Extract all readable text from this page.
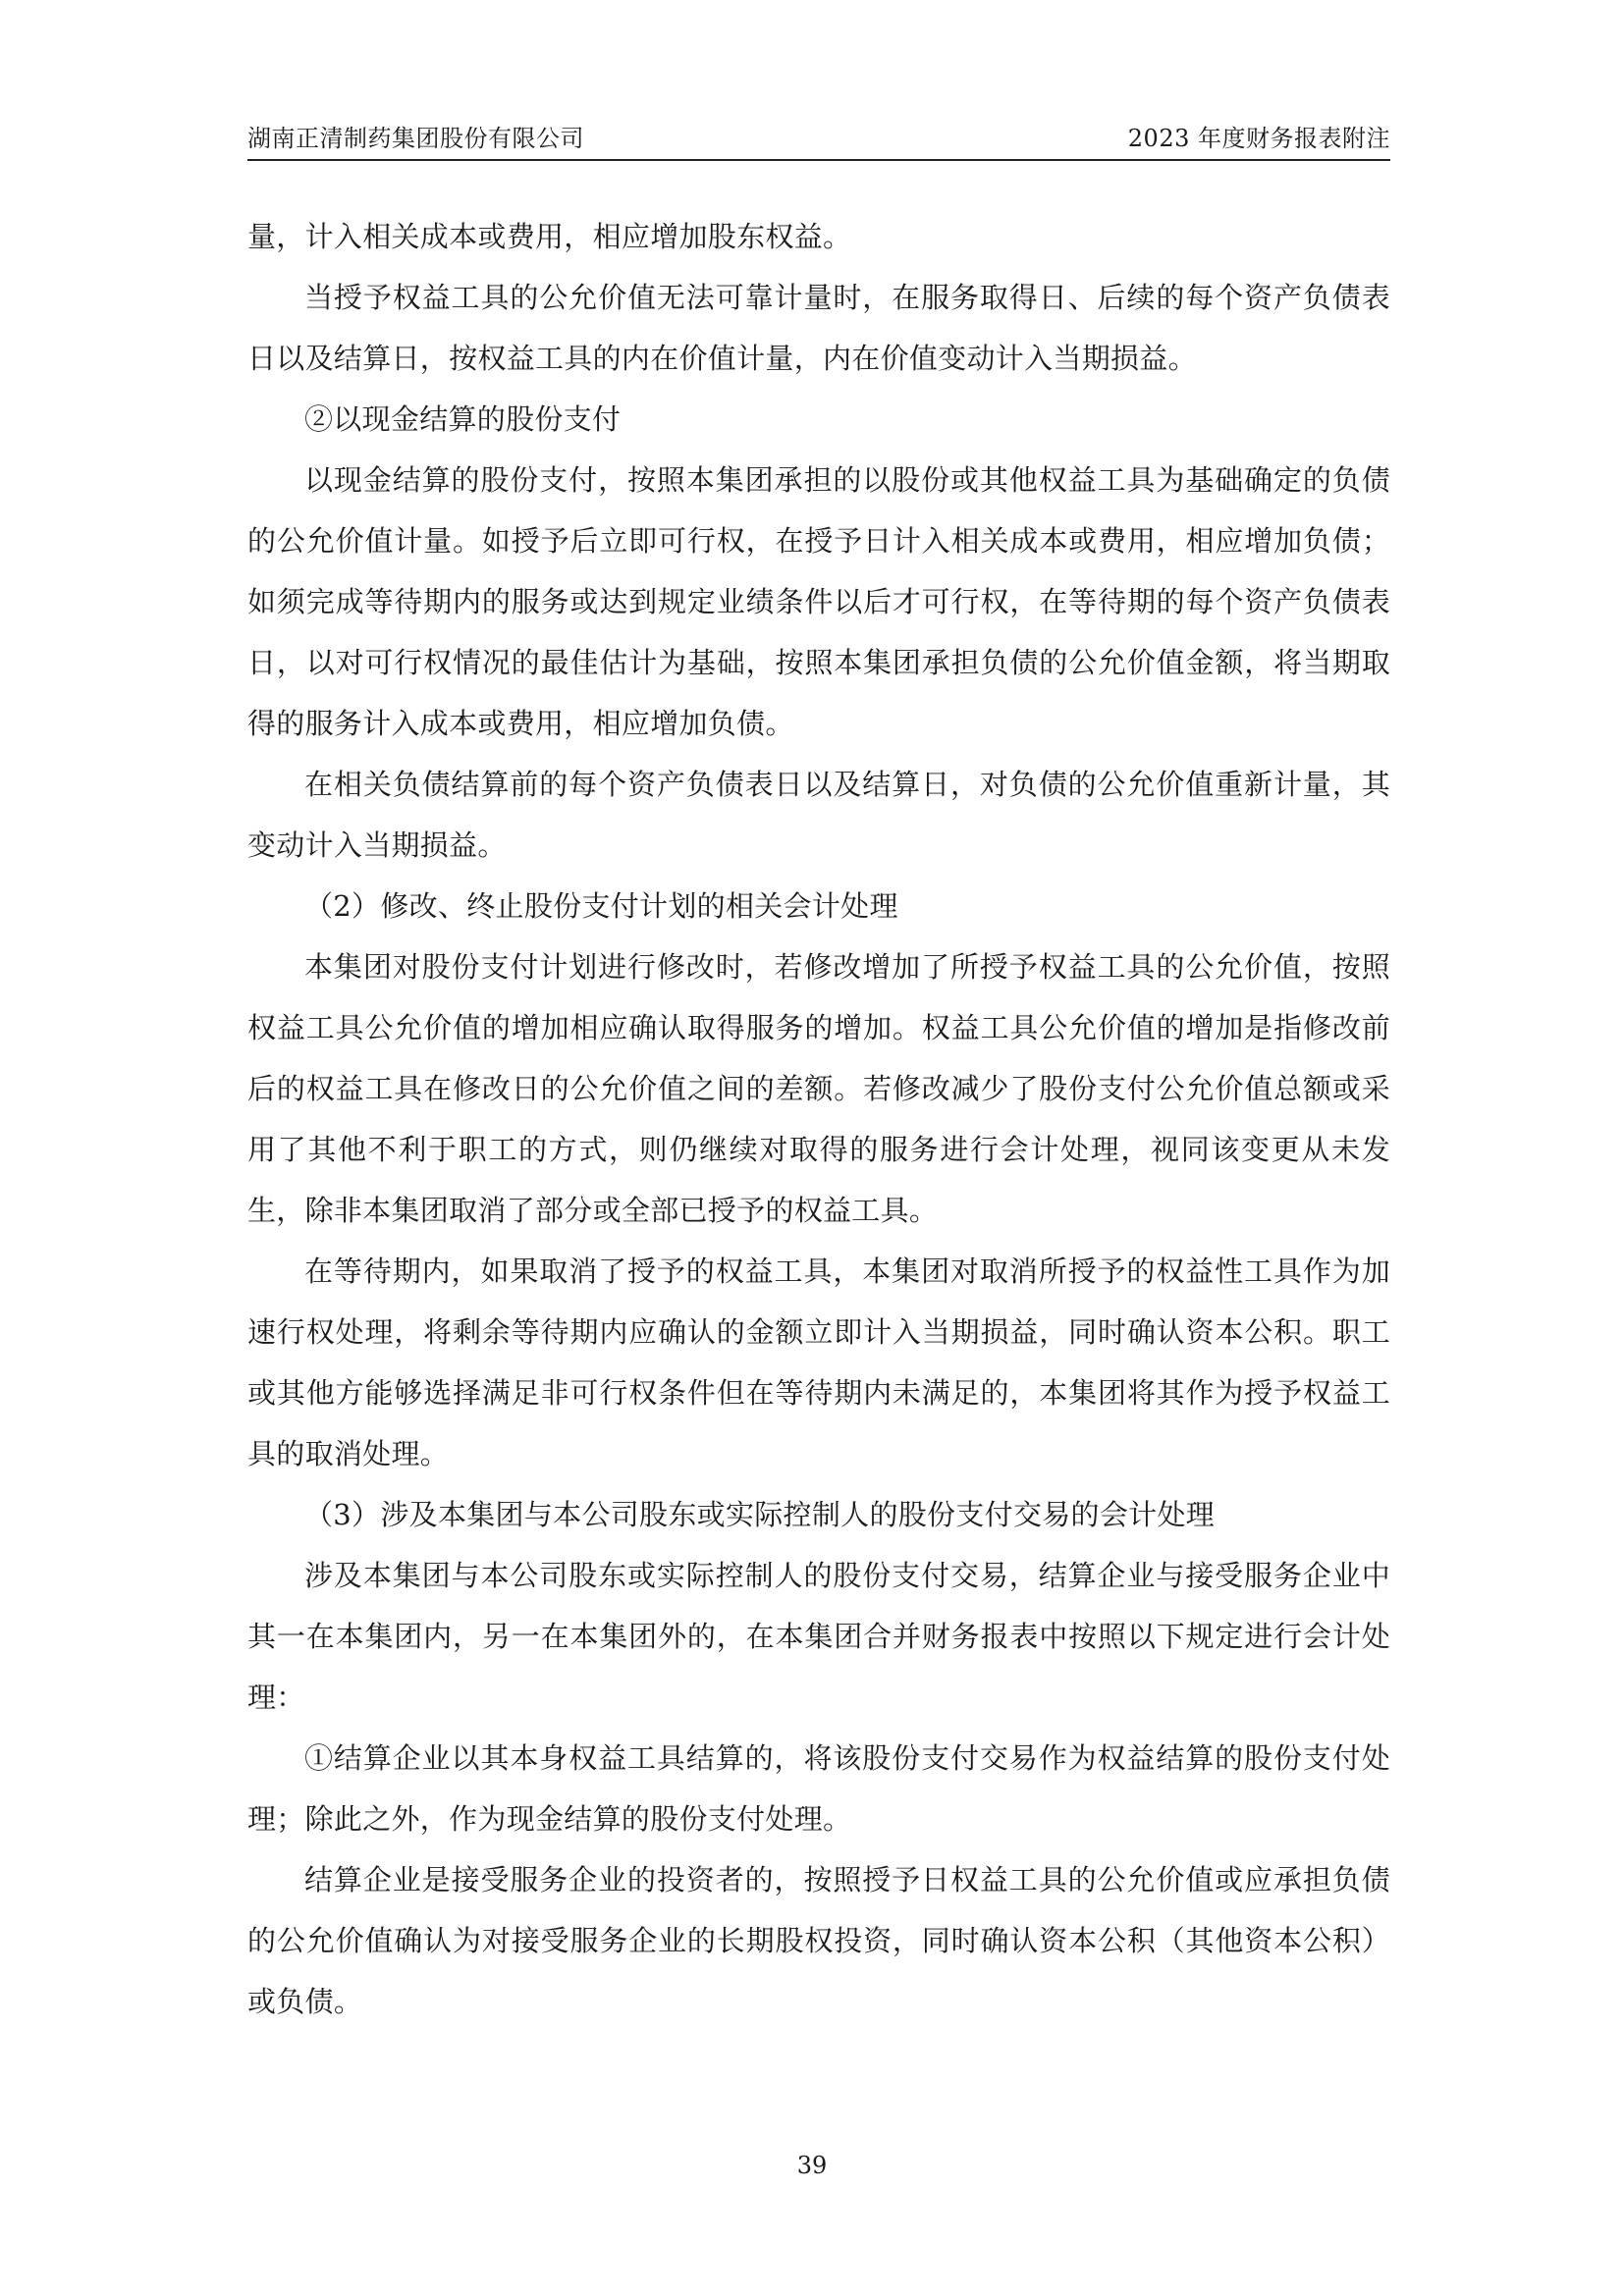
湖南正清制药集团股份有限公司	2023 年度财务报表附注

量，计入相关成本或费用，相应增加股东权益。

当授予权益工具的公允价值无法可靠计量时，在服务取得日、后续的每个资产负债表日以及结算日，按权益工具的内在价值计量，内在价值变动计入当期损益。

②以现金结算的股份支付

以现金结算的股份支付，按照本集团承担的以股份或其他权益工具为基础确定的负债的公允价值计量。如授予后立即可行权，在授予日计入相关成本或费用，相应增加负债；如须完成等待期内的服务或达到规定业绩条件以后才可行权，在等待期的每个资产负债表日，以对可行权情况的最佳估计为基础，按照本集团承担负债的公允价值金额，将当期取得的服务计入成本或费用，相应增加负债。

在相关负债结算前的每个资产负债表日以及结算日，对负债的公允价值重新计量，其变动计入当期损益。

（2）修改、终止股份支付计划的相关会计处理

本集团对股份支付计划进行修改时，若修改增加了所授予权益工具的公允价值，按照权益工具公允价值的增加相应确认取得服务的增加。权益工具公允价值的增加是指修改前后的权益工具在修改日的公允价值之间的差额。若修改减少了股份支付公允价值总额或采用了其他不利于职工的方式，则仍继续对取得的服务进行会计处理，视同该变更从未发生，除非本集团取消了部分或全部已授予的权益工具。

在等待期内，如果取消了授予的权益工具，本集团对取消所授予的权益性工具作为加速行权处理，将剩余等待期内应确认的金额立即计入当期损益，同时确认资本公积。职工或其他方能够选择满足非可行权条件但在等待期内未满足的，本集团将其作为授予权益工具的取消处理。

（3）涉及本集团与本公司股东或实际控制人的股份支付交易的会计处理

涉及本集团与本公司股东或实际控制人的股份支付交易，结算企业与接受服务企业中其一在本集团内，另一在本集团外的，在本集团合并财务报表中按照以下规定进行会计处理：

①结算企业以其本身权益工具结算的，将该股份支付交易作为权益结算的股份支付处理；除此之外，作为现金结算的股份支付处理。

结算企业是接受服务企业的投资者的，按照授予日权益工具的公允价值或应承担负债的公允价值确认为对接受服务企业的长期股权投资，同时确认资本公积（其他资本公积）或负债。

39
